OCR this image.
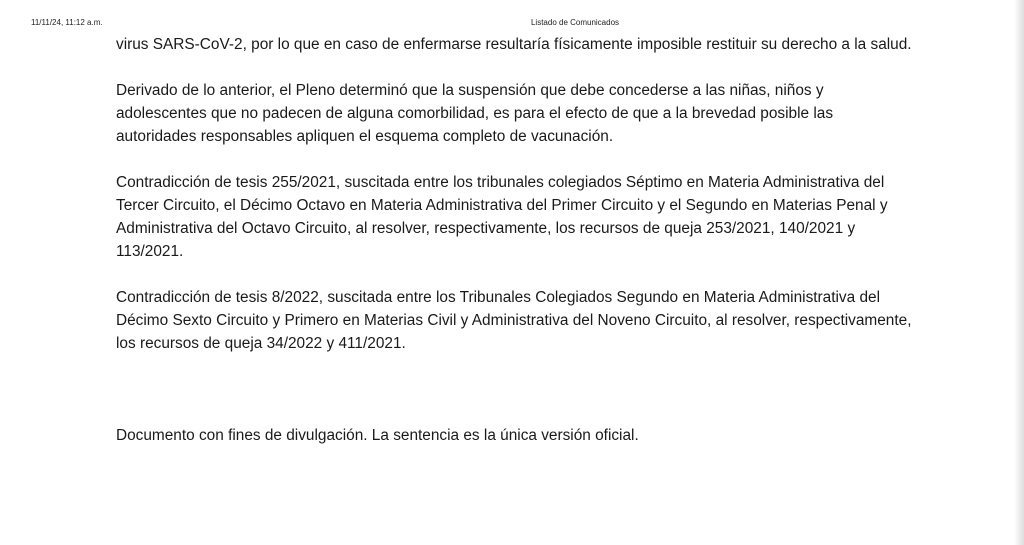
11/11/24, 11:12 a.m.	Listado de Comunicados

virus SARS-CoV-2, por lo que en caso de enfermarse resultaría físicamente imposible restituir su derecho a la salud.

Derivado de lo anterior, el Pleno determinó que la suspensión que debe concederse a las niñas, niños y adolescentes que no padecen de alguna comorbilidad, es para el efecto de que a la brevedad posible las autoridades responsables apliquen el esquema completo de vacunación.

Contradicción de tesis 255/2021, suscitada entre los tribunales colegiados Séptimo en Materia Administrativa del Tercer Circuito, el Décimo Octavo en Materia Administrativa del Primer Circuito y el Segundo en Materias Penal y Administrativa del Octavo Circuito, al resolver, respectivamente, los recursos de queja 253/2021, 140/2021 y 113/2021.

Contradicción de tesis 8/2022, suscitada entre los Tribunales Colegiados Segundo en Materia Administrativa del Décimo Sexto Circuito y Primero en Materias Civil y Administrativa del Noveno Circuito, al resolver, respectivamente, los recursos de queja 34/2022 y 411/2021.

Documento con fines de divulgación. La sentencia es la única versión oficial.
